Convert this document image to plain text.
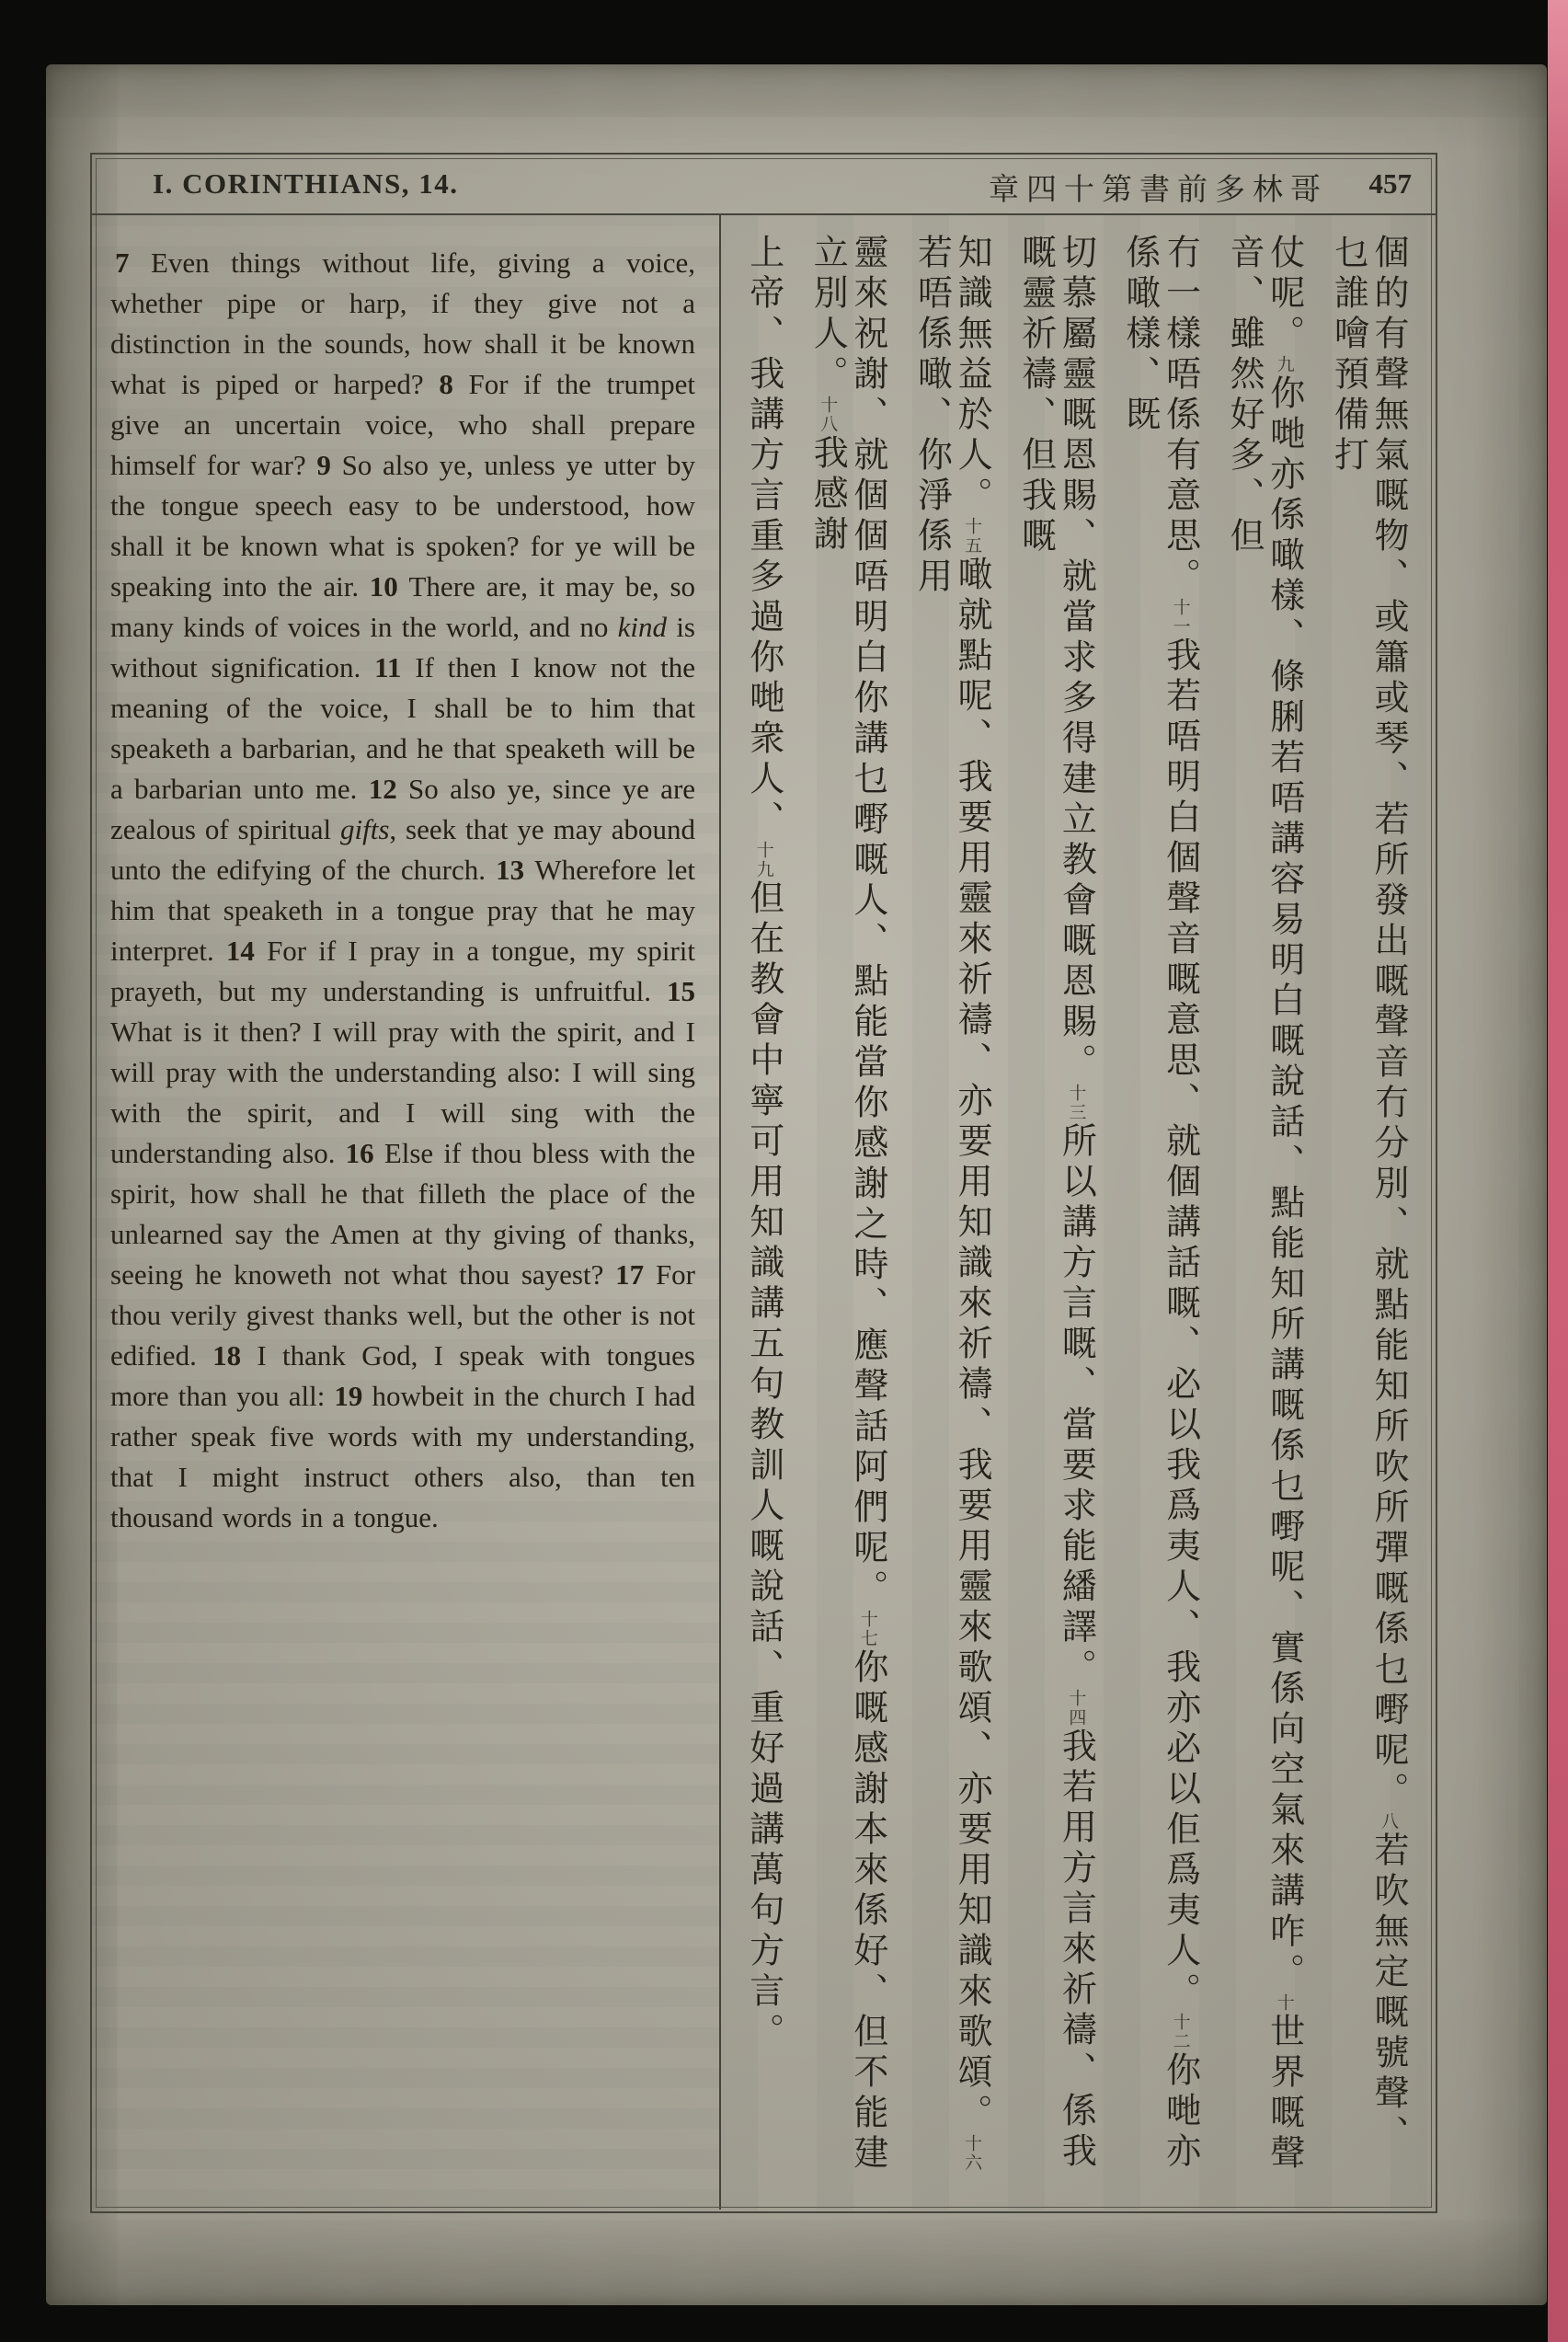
I. CORINTHIANS, 14.	章四十第書前多林哥 457
7 Even things without life, giving a voice, whether pipe or harp, if they give not a distinction in the sounds, how shall it be known what is piped or harped? 8 For if the trumpet give an uncertain voice, who shall prepare himself for war? 9 So also ye, unless ye utter by the tongue speech easy to be understood, how shall it be known what is spoken? for ye will be speaking into the air. 10 There are, it may be, so many kinds of voices in the world, and no kind is without signification. 11 If then I know not the meaning of the voice, I shall be to him that speaketh a barbarian, and he that speaketh will be a barbarian unto me. 12 So also ye, since ye are zealous of spiritual gifts, seek that ye may abound unto the edifying of the church. 13 Wherefore let him that speaketh in a tongue pray that he may interpret. 14 For if I pray in a tongue, my spirit prayeth, but my understanding is unfruitful. 15 What is it then? I will pray with the spirit, and I will pray with the understanding also: I will sing with the spirit, and I will sing with the understanding also. 16 Else if thou bless with the spirit, how shall he that filleth the place of the unlearned say the Amen at thy giving of thanks, seeing he knoweth not what thou sayest? 17 For thou verily givest thanks well, but the other is not edified. 18 I thank God, I speak with tongues more than you all: 19 howbeit in the church I had rather speak five words with my understanding, that I might instruct others also, than ten thousand words in a tongue.	個的有聲無氣嘅物、或簫或琴、若所發出嘅聲音冇分別、就點能知所吹所彈嘅係乜嘢呢。八若吹無定嘅號聲、乜誰噲預備打
仗呢。九你哋亦係噉樣、條脷若唔講容易明白嘅說話、點能知所講嘅係乜嘢呢、實係向空氣來講咋。十世界嘅聲音、雖然好多、但
冇一樣唔係有意思。十一我若唔明白個聲音嘅意思、就個講話嘅、必以我爲夷人、我亦必以佢爲夷人。十二你哋亦係噉樣、既
切慕屬靈嘅恩賜、就當求多得建立教會嘅恩賜。十三所以講方言嘅、當要求能繙譯。十四我若用方言來祈禱、係我嘅靈祈禱、但我嘅
知識無益於人。十五噉就點呢、我要用靈來祈禱、亦要用知識來祈禱、我要用靈來歌頌、亦要用知識來歌頌。十六若唔係噉、你淨係用
靈來祝謝、就個個唔明白你講乜嘢嘅人、點能當你感謝之時、應聲話阿們呢。十七你嘅感謝本來係好、但不能建立別人。十八我感謝
上帝、我講方言重多過你哋衆人、十九但在教會中寧可用知識講五句教訓人嘅說話、重好過講萬句方言。
